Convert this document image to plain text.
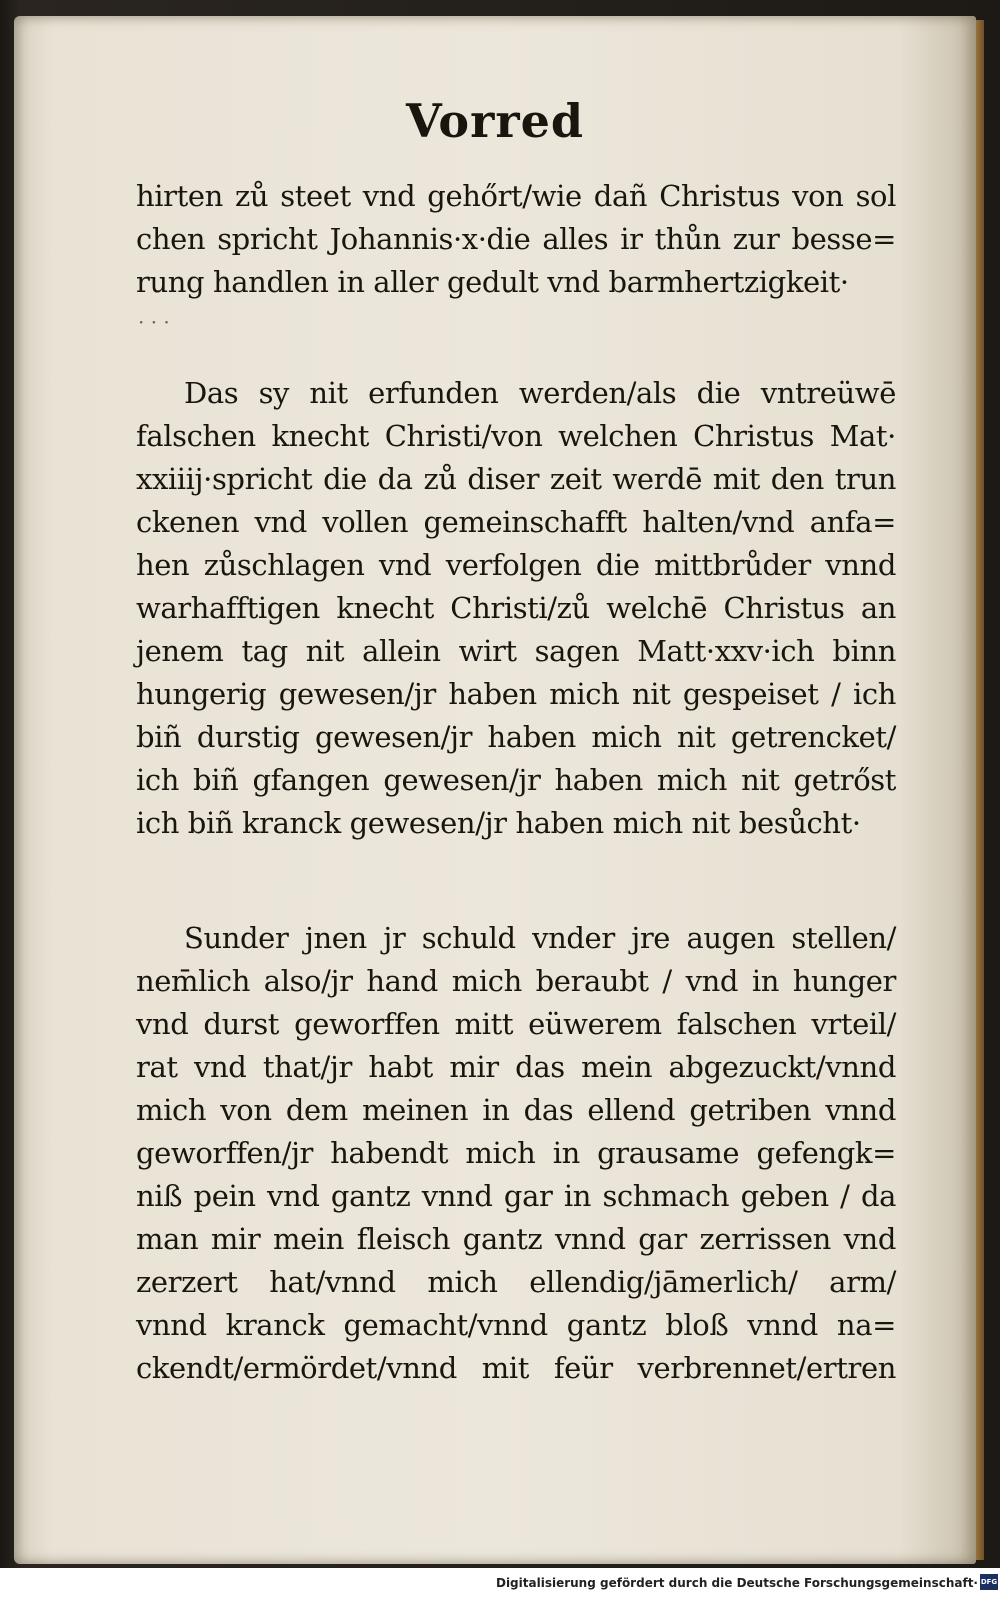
Vorred
hirten zů steet vnd gehőrt/wie dañ Christus von sol
chen spricht Johannis·x·die alles ir thůn zur besse=
rung handlen in aller gedult vnd barmhertzigkeit·
· · ·
Das sy nit erfunden werden/als die vntreüwē
falschen knecht Christi/von welchen Christus Mat·
xxiiij·spricht die da zů diser zeit werdē mit den trun
ckenen vnd vollen gemeinschafft halten/vnd anfa=
hen zůschlagen vnd verfolgen die mittbrůder vnnd
warhafftigen knecht Christi/zů welchē Christus an
jenem tag nit allein wirt sagen Matt·xxv·ich binn
hungerig gewesen/jr haben mich nit gespeiset / ich
biñ durstig gewesen/jr haben mich nit getrencket/
ich biñ gfangen gewesen/jr haben mich nit getrőst
ich biñ kranck gewesen/jr haben mich nit besůcht·
Sunder jnen jr schuld vnder jre augen stellen/
nem̄lich also/jr hand mich beraubt / vnd in hunger
vnd durst geworffen mitt eüwerem falschen vrteil/
rat vnd that/jr habt mir das mein abgezuckt/vnnd
mich von dem meinen in das ellend getriben vnnd
geworffen/jr habendt mich in grausame gefengk=
niß pein vnd gantz vnnd gar in schmach geben / da
man mir mein fleisch gantz vnnd gar zerrissen vnd
zerzert hat/vnnd mich ellendig/jāmerlich/ arm/
vnnd kranck gemacht/vnnd gantz bloß vnnd na=
ckendt/ermördet/vnnd mit feür verbrennet/ertren
Digitalisierung gefördert durch die Deutsche Forschungsgemeinschaft· DFG
